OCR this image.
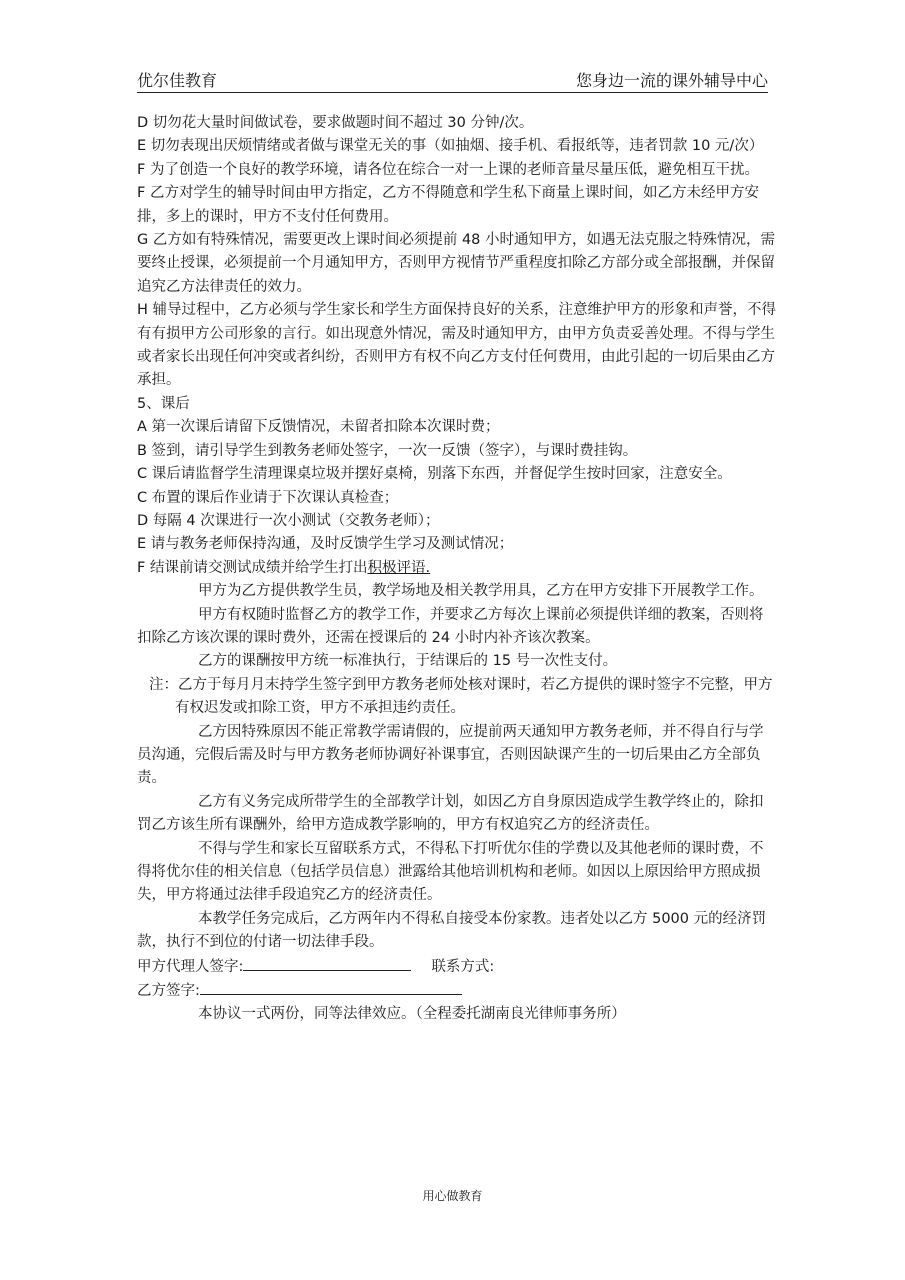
优尔佳教育	您身边一流的课外辅导中心

D 切勿花大量时间做试卷，要求做题时间不超过 30 分钟/次。

E 切勿表现出厌烦情绪或者做与课堂无关的事（如抽烟、接手机、看报纸等，违者罚款 10 元/次）

F 为了创造一个良好的教学环境，请各位在综合一对一上课的老师音量尽量压低，避免相互干扰。

F 乙方对学生的辅导时间由甲方指定，乙方不得随意和学生私下商量上课时间，如乙方未经甲方安排，多上的课时，甲方不支付任何费用。

G 乙方如有特殊情况，需要更改上课时间必须提前 48 小时通知甲方，如遇无法克服之特殊情况，需要终止授课，必须提前一个月通知甲方，否则甲方视情节严重程度扣除乙方部分或全部报酬，并保留追究乙方法律责任的效力。

H 辅导过程中，乙方必须与学生家长和学生方面保持良好的关系，注意维护甲方的形象和声誉，不得有有损甲方公司形象的言行。如出现意外情况，需及时通知甲方，由甲方负责妥善处理。不得与学生或者家长出现任何冲突或者纠纷，否则甲方有权不向乙方支付任何费用，由此引起的一切后果由乙方承担。

5、课后

A 第一次课后请留下反馈情况，未留者扣除本次课时费；

B 签到，请引导学生到教务老师处签字，一次一反馈（签字），与课时费挂钩。

C 课后请监督学生清理课桌垃圾并摆好桌椅，别落下东西，并督促学生按时回家，注意安全。

C 布置的课后作业请于下次课认真检查；

D 每隔 4 次课进行一次小测试（交教务老师）；

E 请与教务老师保持沟通，及时反馈学生学习及测试情况；

F 结课前请交测试成绩并给学生打出积极评语.

甲方为乙方提供教学生员，教学场地及相关教学用具，乙方在甲方安排下开展教学工作。

甲方有权随时监督乙方的教学工作，并要求乙方每次上课前必须提供详细的教案，否则将扣除乙方该次课的课时费外，还需在授课后的 24 小时内补齐该次教案。

乙方的课酬按甲方统一标准执行，于结课后的 15 号一次性支付。

注：乙方于每月月末持学生签字到甲方教务老师处核对课时，若乙方提供的课时签字不完整，甲方有权迟发或扣除工资，甲方不承担违约责任。

乙方因特殊原因不能正常教学需请假的，应提前两天通知甲方教务老师，并不得自行与学员沟通，完假后需及时与甲方教务老师协调好补课事宜，否则因缺课产生的一切后果由乙方全部负责。

乙方有义务完成所带学生的全部教学计划，如因乙方自身原因造成学生教学终止的，除扣罚乙方该生所有课酬外，给甲方造成教学影响的，甲方有权追究乙方的经济责任。

不得与学生和家长互留联系方式，不得私下打听优尔佳的学费以及其他老师的课时费，不得将优尔佳的相关信息（包括学员信息）泄露给其他培训机构和老师。如因以上原因给甲方照成损失，甲方将通过法律手段追究乙方的经济责任。

本教学任务完成后，乙方两年内不得私自接受本份家教。违者处以乙方 5000 元的经济罚款，执行不到位的付诸一切法律手段。

甲方代理人签字:	联系方式:

乙方签字:

本协议一式两份，同等法律效应。（全程委托湖南良光律师事务所）

用心做教育
